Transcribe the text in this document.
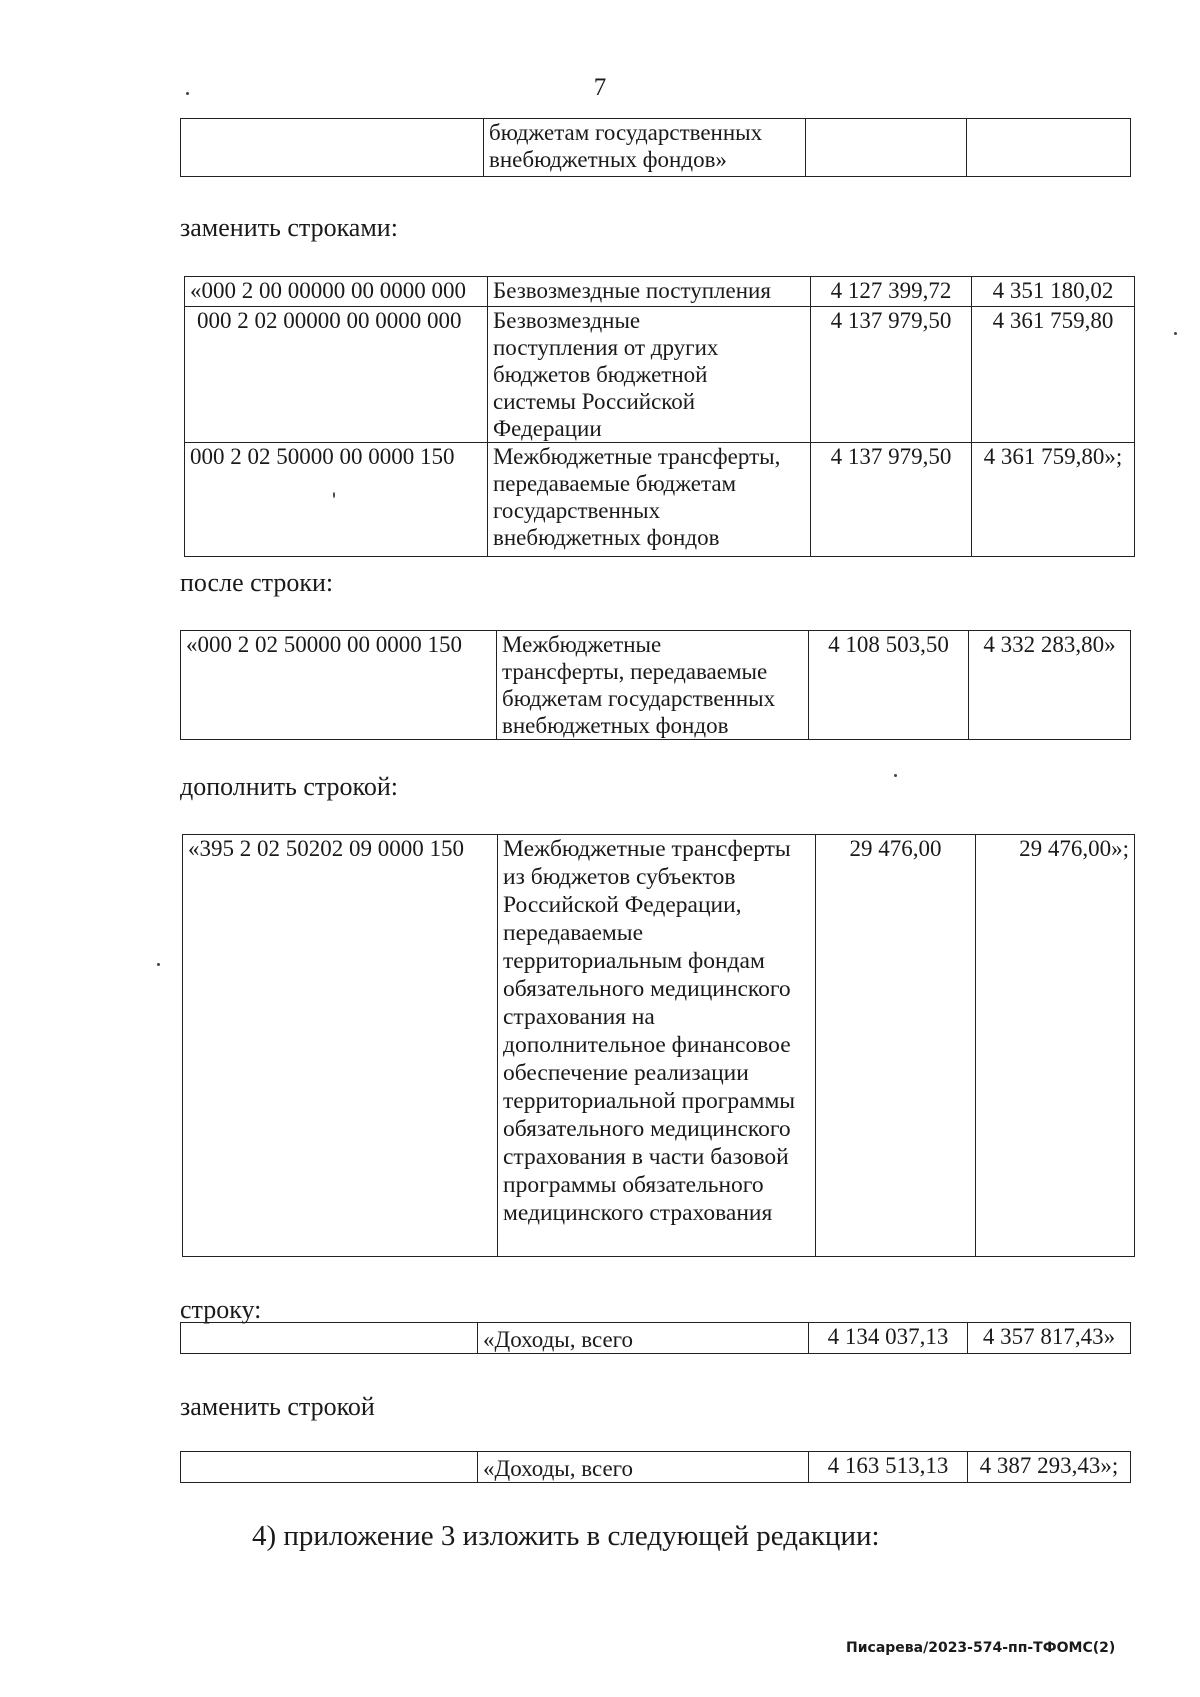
7
	бюджетам государственных внебюджетных фондов»		
заменить строками:
«000 2 00 00000 00 0000 000	Безвозмездные поступления	4 127 399,72	4 351 180,02
000 2 02 00000 00 0000 000	Безвозмездные поступления от других бюджетов бюджетной системы Российской Федерации	4 137 979,50	4 361 759,80
000 2 02 50000 00 0000 150	Межбюджетные трансферты, передаваемые бюджетам государственных внебюджетных фондов	4 137 979,50	4 361 759,80»;
после строки:
«000 2 02 50000 00 0000 150	Межбюджетные трансферты, передаваемые бюджетам государственных внебюджетных фондов	4 108 503,50	4 332 283,80»
дополнить строкой:
«395 2 02 50202 09 0000 150	Межбюджетные трансферты из бюджетов субъектов Российской Федерации, передаваемые территориальным фондам обязательного медицинского страхования на дополнительное финансовое обеспечение реализации территориальной программы обязательного медицинского страхования в части базовой программы обязательного медицинского страхования	29 476,00	29 476,00»;
строку:
	«Доходы, всего	4 134 037,13	4 357 817,43»
заменить строкой
	«Доходы, всего	4 163 513,13	4 387 293,43»;
4) приложение 3 изложить в следующей редакции:
Писарева/2023-574-пп-ТФОМС(2)
